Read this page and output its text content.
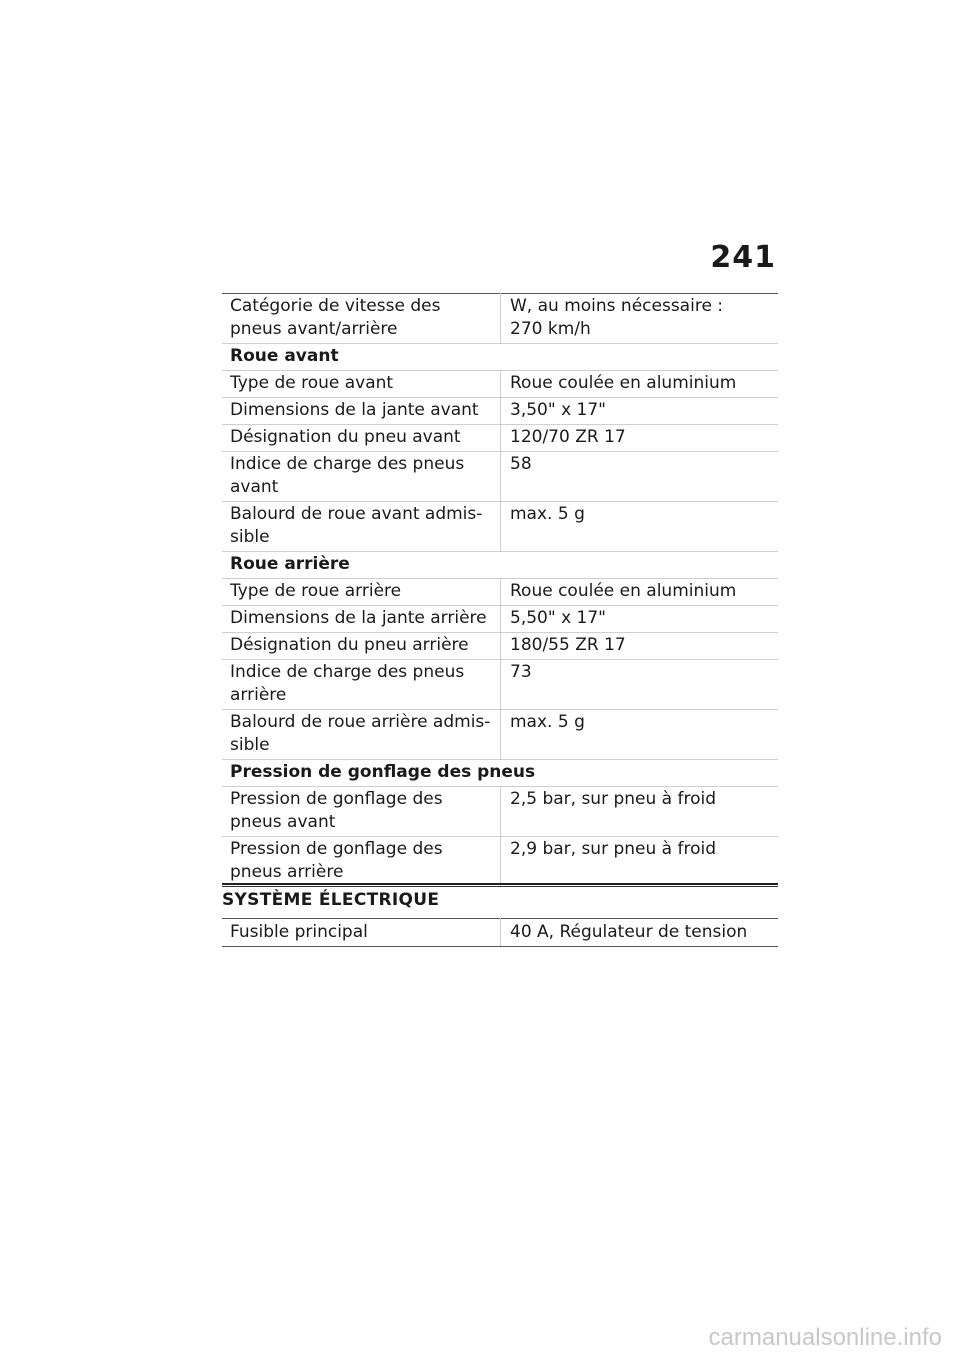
241
Catégorie de vitesse des
pneus avant/arrière	W, au moins nécessaire :
270 km/h
Roue avant	
Type de roue avant	Roue coulée en aluminium
Dimensions de la jante avant	3,50" x 17"
Désignation du pneu avant	120/70 ZR 17
Indice de charge des pneus
avant	58
Balourd de roue avant admis-
sible	max. 5 g
Roue arrière	
Type de roue arrière	Roue coulée en aluminium
Dimensions de la jante arrière	5,50" x 17"
Désignation du pneu arrière	180/55 ZR 17
Indice de charge des pneus
arrière	73
Balourd de roue arrière admis-
sible	max. 5 g
Pression de gonflage des pneus	
Pression de gonflage des
pneus avant	2,5 bar, sur pneu à froid
Pression de gonflage des
pneus arrière	2,9 bar, sur pneu à froid
SYSTÈME ÉLECTRIQUE
Fusible principal	40 A, Régulateur de tension
carmanualsonline.info
